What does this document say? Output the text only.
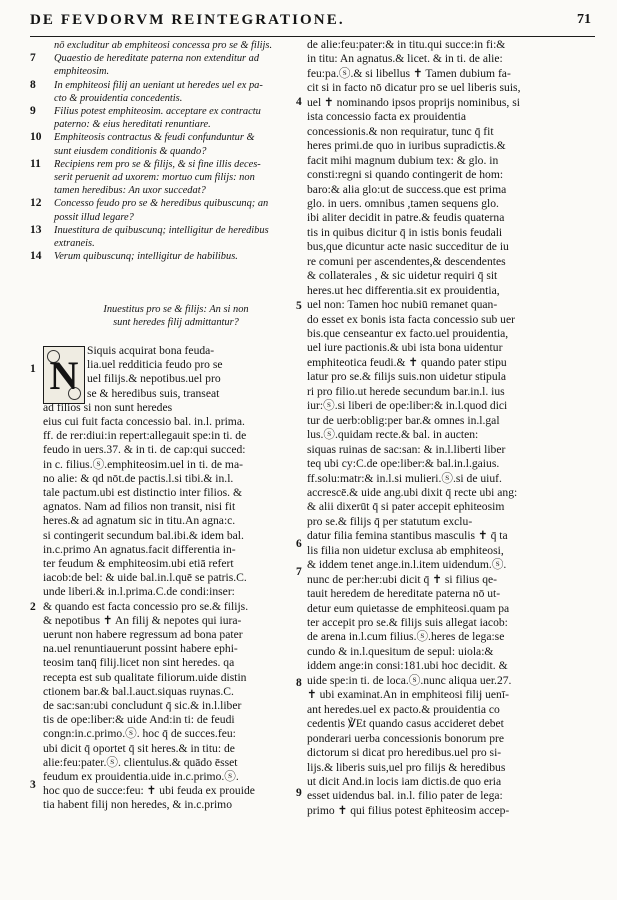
DE FEVDORVM REINTEGRATIONE.	71
nō excluditur ab emphiteosi concessa pro se & filijs.
7 Quaestio de hereditate paterna non extenditur ad
emphiteosim.
8 In emphiteosi filij an ueniant ut heredes uel ex pa-
cto & prouidentia concedentis.
9 Filius potest emphiteosim. acceptare ex contractu
paterno: & eius hereditati renuntiare.
10 Emphiteosis contractus & feudi confunduntur &
sunt eiusdem conditionis & quando?
11 Recipiens rem pro se & filijs, & si fine illis deces-
serit peruenit ad uxorem: mortuo cum filijs: non
tamen heredibus: An uxor succedat?
12 Concesso feudo pro se & heredibus quibuscunq; an
possit illud legare?
13 Inuestitura de quibuscunq; intelligitur de heredibus
extraneis.
14 Verum quibuscunq; intelligitur de habilibus.
Inuestitus pro se & filijs: An si non
sunt heredes filij admittantur?
N
Siquis acquirat bona feuda-
lia.uel redditicia feudo pro se
uel filijs.& nepotibus.uel pro
se & heredibus suis, transeat
ad filios si non sunt heredes
eius cui fuit facta concessio bal. in.l. prima.
ff. de rer:diui:in repert:allegauit spe:in ti. de
feudo in uers.37. & in ti. de cap:qui succed:
in c. filius.ⓢ.emphiteosim.uel in ti. de ma-
no alie: & qd nōt.de pactis.l.si tibi.& in.l.
tale pactum.ubi est distinctio inter filios. &
agnatos. Nam ad filios non transit, nisi fit
heres.& ad agnatum sic in titu.An agna:c.
si contingerit secundum bal.ibi.& idem bal.
in.c.primo An agnatus.facit differentia in-
ter feudum & emphiteosim.ubi etiā refert
iacob:de bel: & uide bal.in.l.quē se patris.C.
unde liberi.& in.l.prima.C.de condi:inser:
& quando est facta concessio pro se.& filijs.
& nepotibus ✝ An filij & nepotes qui iura-
uerunt non habere regressum ad bona pater
na.uel renuntiauerunt possint habere ephi-
teosim tanq̄ filij.licet non sint heredes. qa
recepta est sub qualitate filiorum.uide distin
ctionem bar.& bal.l.auct.siquas ruynas.C.
de sac:san:ubi concludunt q̄ sic.& in.l.liber
tis de ope:liber:& uide And:in ti: de feudi
congn:in.c.primo.ⓢ. hoc q̄ de succes.feu:
ubi dicit q̄ oportet q̄ sit heres.& in titu: de
alie:feu:pater.ⓢ. clientulus.& quādo ēsset
feudum ex prouidentia.uide in.c.primo.ⓢ.
hoc quo de succe:feu: ✝ ubi feuda ex prouide
tia habent filij non heredes, & in.c.primo
de alie:feu:pater:& in titu.qui succe:in fi:&
in titu: An agnatus.& licet. & in ti. de alie:
feu:pa.ⓢ.& si libellus ✝ Tamen dubium fa-
cit si in facto nō dicatur pro se uel liberis suis,
uel ✝ nominando ipsos proprijs nominibus, si
ista concessio facta ex prouidentia
concessionis.& non requiratur, tunc q̄ fit
heres primi.de quo in iuribus supradictis.&
facit mihi magnum dubium tex: & glo. in
consti:regni si quando contingerit de hom:
baro:& alia glo:ut de success.que est prima
glo. in uers. omnibus ,tamen sequens glo.
ibi aliter decidit in patre.& feudis quaterna
tis in quibus dicitur q̄ in istis bonis feudali
bus,que dicuntur acte nasic succeditur de iu
re comuni per ascendentes,& descendentes
& collaterales , & sic uidetur requiri q̄ sit
heres.ut hec differentia.sit ex prouidentia,
uel non: Tamen hoc nubiū remanet quan-
do esset ex bonis ista facta concessio sub uer
bis.que censeantur ex facto.uel prouidentia,
uel iure pactionis.& ubi ista bona uidentur
emphiteotica feudi.& ✝ quando pater stipu
latur pro se.& filijs suis.non uidetur stipula
ri pro filio.ut herede secundum bar.in.l. ius
iur:ⓢ.si liberi de ope:liber:& in.l.quod dici
tur de uerb:oblig:per bar.& omnes in.l.gal
lus.ⓢ.quidam recte.& bal. in aucten:
siquas ruinas de sac:san: & in.l.liberti liber
teq ubi cy:C.de ope:liber:& bal.in.l.gaius.
ff.solu:matr:& in.l.si mulieri.ⓢ.si de uiuf.
accrescē.& uide ang.ubi dixit q̄ recte ubi ang:
& alii dixerūt q̄ si pater accepit ephiteosim
pro se.& filijs q̄ per statutum exclu-
datur filia femina stantibus masculis ✝ q̄ ta
lis filia non uidetur exclusa ab emphiteosi,
& iddem tenet ange.in.l.item uidendum.ⓢ.
nunc de per:her:ubi dicit q̄ ✝ si filius qe-
tauit heredem de hereditate paterna nō ut-
detur eum quietasse de emphiteosi.quam pa
ter accepit pro se.& filijs suis allegat iacob:
de arena in.l.cum filius.ⓢ.heres de lega:se
cundo & in.l.quesitum de sepul: uiola:&
iddem ange:in consi:181.ubi hoc decidit. &
uide spe:in ti. de loca.ⓢ.nunc aliqua uer.27.
✝ ubi examinat.An in emphiteosi filij uenī-
ant heredes.uel ex pacto.& prouidentia co
cedentis ℣Et quando casus accideret debet
ponderari uerba concessionis bonorum pre
dictorum si dicat pro heredibus.uel pro si-
lijs.& liberis suis,uel pro filijs & heredibus
ut dicit And.in locis iam dictis.de quo eria
esset uidendus bal. in.l. filio pater de lega:
primo ✝ qui filius potest ēphiteosim accep-
1
2
3
4
5
6
7
8
9
